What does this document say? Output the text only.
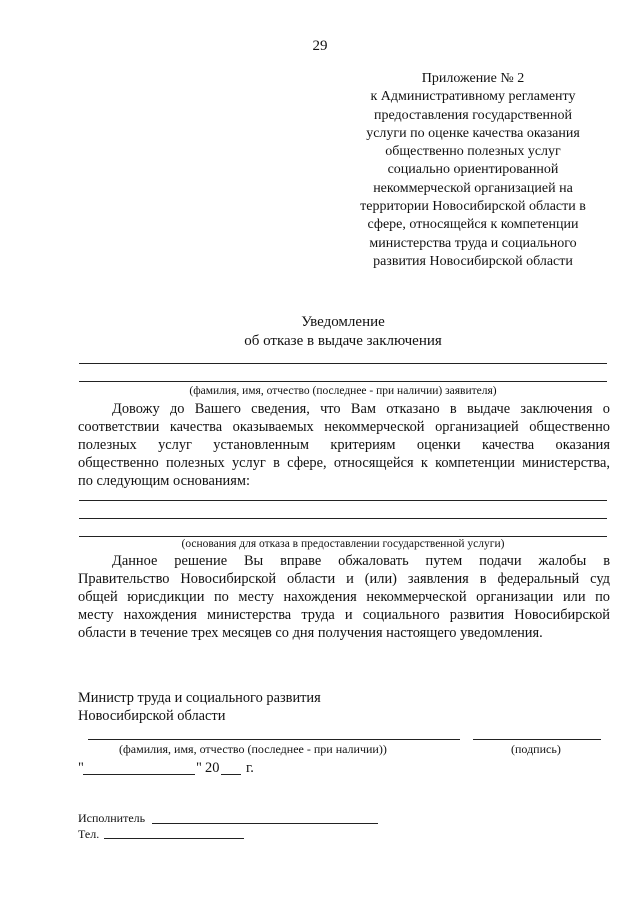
29
Приложение № 2
к Административному регламенту
предоставления государственной
услуги по оценке качества оказания
общественно полезных услуг
социально ориентированной
некоммерческой организацией на
территории Новосибирской области в
сфере, относящейся к компетенции
министерства труда и социального
развития Новосибирской области
Уведомление
об отказе в выдаче заключения
(фамилия, имя, отчество (последнее - при наличии) заявителя)
Довожу до Вашего сведения, что Вам отказано в выдаче заключения о
соответствии качества оказываемых некоммерческой организацией общественно
полезных услуг установленным критериям оценки качества оказания
общественно полезных услуг в сфере, относящейся к компетенции министерства,
по следующим основаниям:
(основания для отказа в предоставлении государственной услуги)
Данное решение Вы вправе обжаловать путем подачи жалобы в
Правительство Новосибирской области и (или) заявления в федеральный суд
общей юрисдикции по месту нахождения некоммерческой организации или по
месту нахождения министерства труда и социального развития Новосибирской
области в течение трех месяцев со дня получения настоящего уведомления.
Министр труда и социального развития
Новосибирской области
(фамилия, имя, отчество (последнее - при наличии))	(подпись)
"	" 20 г.
Исполнитель
Тел.
